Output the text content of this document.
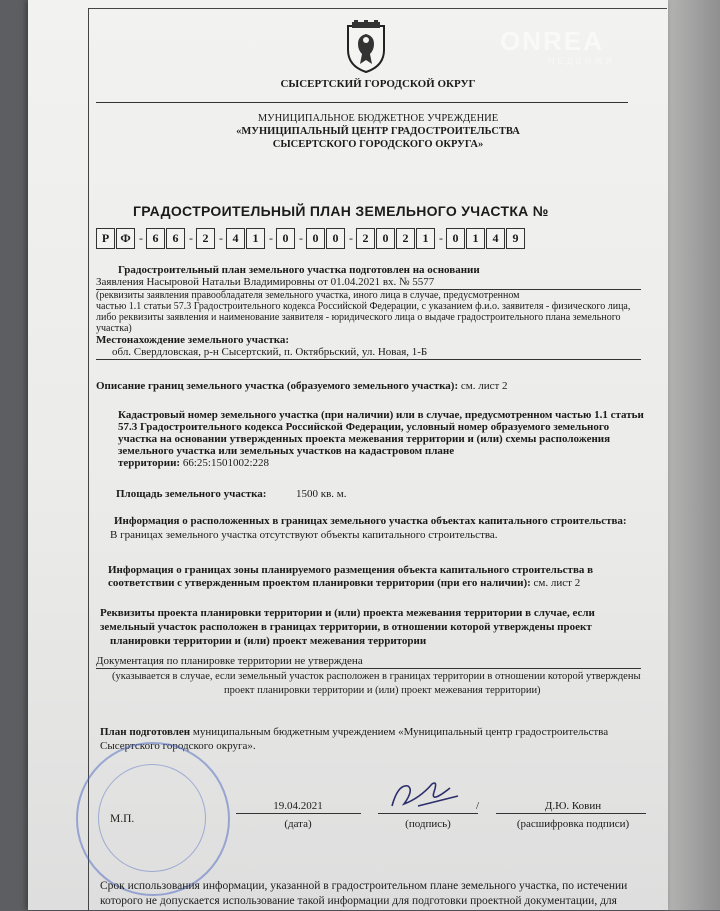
СЫСЕРТСКИЙ ГОРОДСКОЙ ОКРУГ
МУНИЦИПАЛЬНОЕ БЮДЖЕТНОЕ УЧРЕЖДЕНИЕ
«МУНИЦИПАЛЬНЫЙ ЦЕНТР ГРАДОСТРОИТЕЛЬСТВА
СЫСЕРТСКОГО ГОРОДСКОГО ОКРУГА»
ГРАДОСТРОИТЕЛЬНЫЙ ПЛАН ЗЕМЕЛЬНОГО УЧАСТКА №
Р Ф - 6	6 - 2 - 4	1 - 0 - 0	0 - 2	0	2	1 - 0	1	4	9
Градостроительный план земельного участка подготовлен на основании
Заявления Насыровой Натальи Владимировны от 01.04.2021 вх. № 5577
(реквизиты заявления правообладателя земельного участка, иного лица в случае, предусмотренном
частью 1.1 статьи 57.3 Градостроительного кодекса Российской Федерации, с указанием ф.и.о. заявителя - физического лица,
либо реквизиты заявления и наименование заявителя - юридического лица о выдаче градостроительного плана земельного
участка)
Местонахождение земельного участка:
обл. Свердловская, р-н Сысертский, п. Октябрьский, ул. Новая, 1-Б
Описание границ земельного участка (образуемого земельного участка): см. лист 2
Кадастровый номер земельного участка (при наличии) или в случае, предусмотренном частью 1.1 статьи
57.3 Градостроительного кодекса Российской Федерации, условный номер образуемого земельного
участка на основании утвержденных проекта межевания территории и (или) схемы расположения
земельного участка или земельных участков на кадастровом плане
территории: 66:25:1501002:228
Площадь земельного участка:	1500 кв. м.
Информация о расположенных в границах земельного участка объектах капитального строительства:
В границах земельного участка отсутствуют объекты капитального строительства.
Информация о границах зоны планируемого размещения объекта капитального строительства в
соответствии с утвержденным проектом планировки территории (при его наличии): см. лист 2
Реквизиты проекта планировки территории и (или) проекта межевания территории в случае, если
земельный участок расположен в границах территории, в отношении которой утверждены проект
планировки территории и (или) проект межевания территории
Документация по планировке территории не утверждена
(указывается в случае, если земельный участок расположен в границах территории в отношении которой утверждены
проект планировки территории и (или) проект межевания территории)
План подготовлен муниципальным бюджетным учреждением «Муниципальный центр градостроительства
Сысертского городского округа».
М.П.
19.04.2021
(дата)	(подпись)
/	Д.Ю. Ковин
(расшифровка подписи)
Срок использования информации, указанной в градостроительном плане земельного участка, по истечении
которого не допускается использование такой информации для подготовки проектной документации, для
ONREA
НЕДВИЖИ
